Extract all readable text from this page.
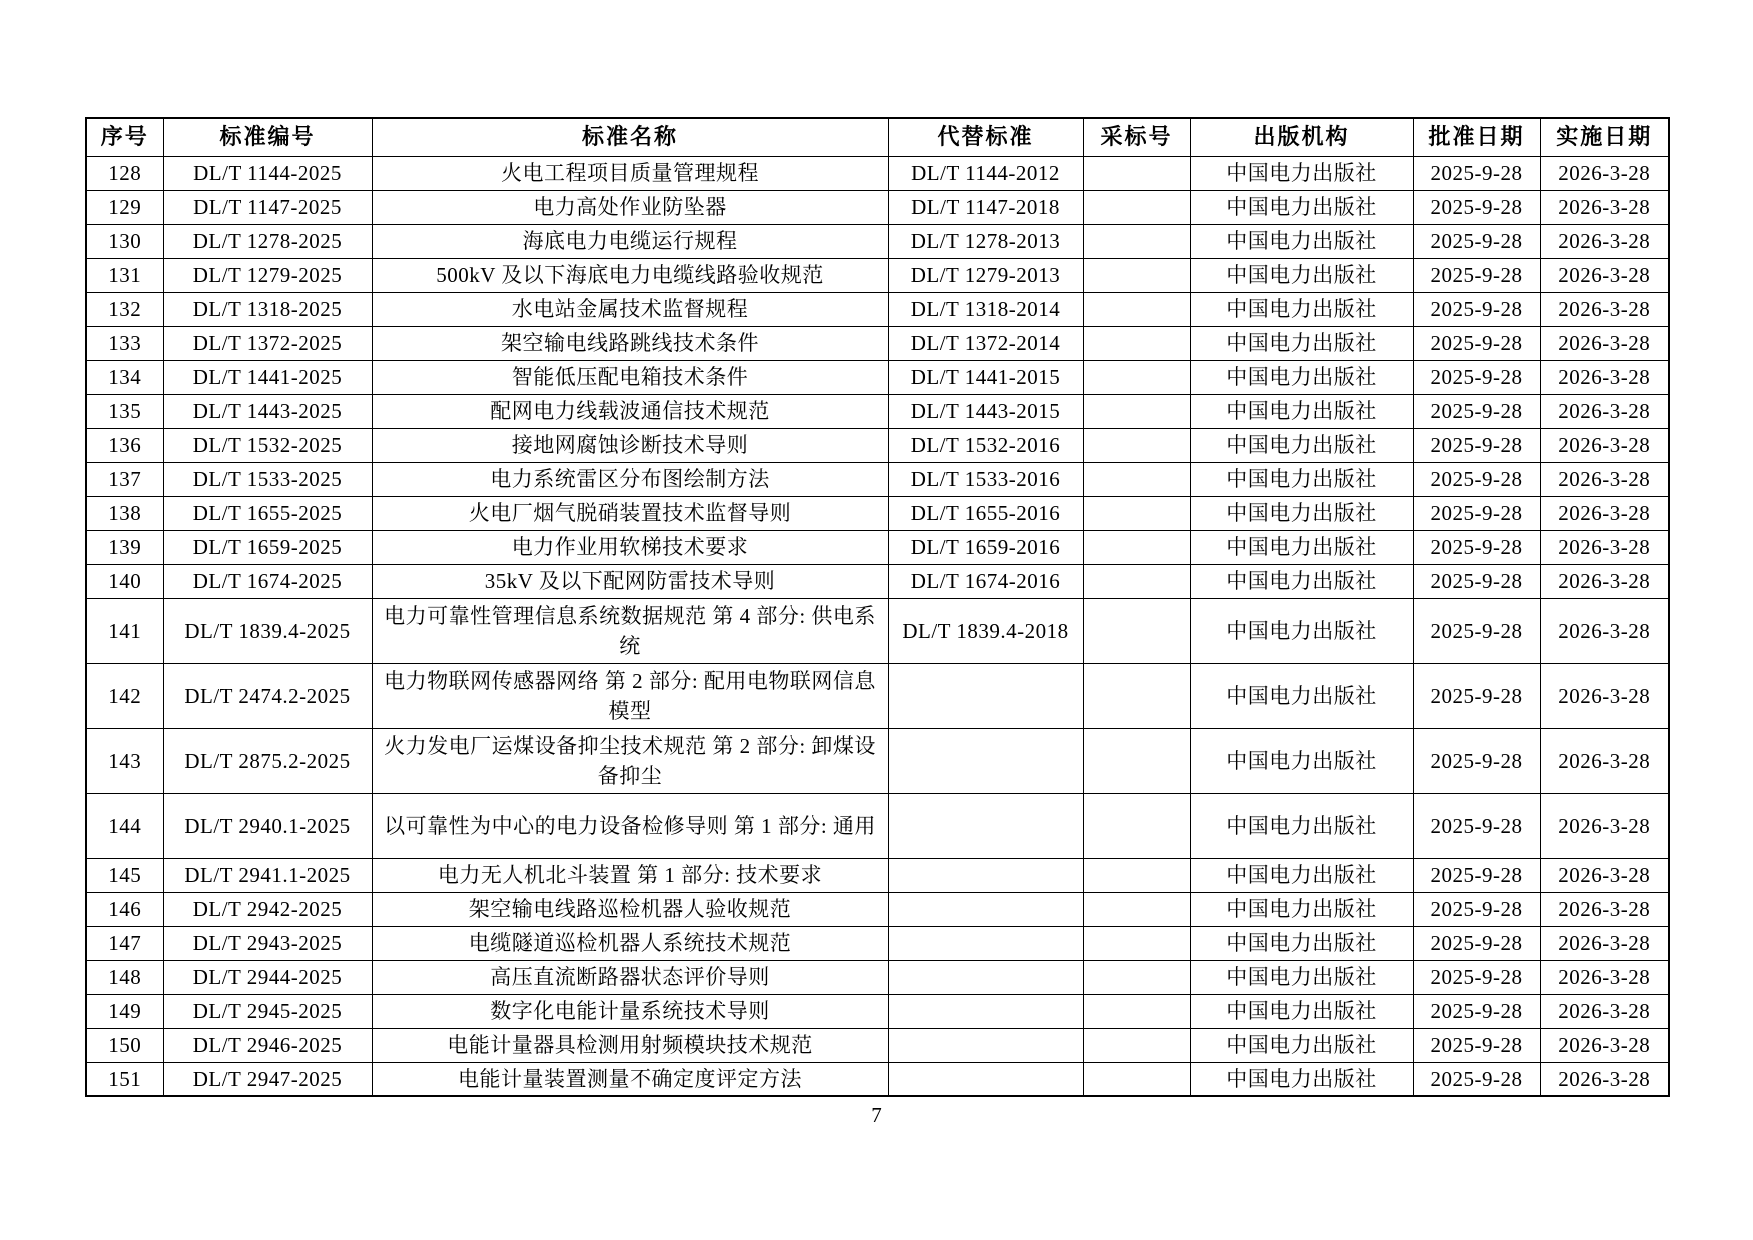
序号	标准编号	标准名称	代替标准	采标号	出版机构	批准日期	实施日期
128	DL/T 1144-2025	火电工程项目质量管理规程	DL/T 1144-2012		中国电力出版社	2025-9-28	2026-3-28
129	DL/T 1147-2025	电力高处作业防坠器	DL/T 1147-2018		中国电力出版社	2025-9-28	2026-3-28
130	DL/T 1278-2025	海底电力电缆运行规程	DL/T 1278-2013		中国电力出版社	2025-9-28	2026-3-28
131	DL/T 1279-2025	500kV 及以下海底电力电缆线路验收规范	DL/T 1279-2013		中国电力出版社	2025-9-28	2026-3-28
132	DL/T 1318-2025	水电站金属技术监督规程	DL/T 1318-2014		中国电力出版社	2025-9-28	2026-3-28
133	DL/T 1372-2025	架空输电线路跳线技术条件	DL/T 1372-2014		中国电力出版社	2025-9-28	2026-3-28
134	DL/T 1441-2025	智能低压配电箱技术条件	DL/T 1441-2015		中国电力出版社	2025-9-28	2026-3-28
135	DL/T 1443-2025	配网电力线载波通信技术规范	DL/T 1443-2015		中国电力出版社	2025-9-28	2026-3-28
136	DL/T 1532-2025	接地网腐蚀诊断技术导则	DL/T 1532-2016		中国电力出版社	2025-9-28	2026-3-28
137	DL/T 1533-2025	电力系统雷区分布图绘制方法	DL/T 1533-2016		中国电力出版社	2025-9-28	2026-3-28
138	DL/T 1655-2025	火电厂烟气脱硝装置技术监督导则	DL/T 1655-2016		中国电力出版社	2025-9-28	2026-3-28
139	DL/T 1659-2025	电力作业用软梯技术要求	DL/T 1659-2016		中国电力出版社	2025-9-28	2026-3-28
140	DL/T 1674-2025	35kV 及以下配网防雷技术导则	DL/T 1674-2016		中国电力出版社	2025-9-28	2026-3-28
141	DL/T 1839.4-2025	电力可靠性管理信息系统数据规范 第 4 部分: 供电系统	DL/T 1839.4-2018		中国电力出版社	2025-9-28	2026-3-28
142	DL/T 2474.2-2025	电力物联网传感器网络 第 2 部分: 配用电物联网信息模型			中国电力出版社	2025-9-28	2026-3-28
143	DL/T 2875.2-2025	火力发电厂运煤设备抑尘技术规范 第 2 部分: 卸煤设备抑尘			中国电力出版社	2025-9-28	2026-3-28
144	DL/T 2940.1-2025	以可靠性为中心的电力设备检修导则 第 1 部分: 通用			中国电力出版社	2025-9-28	2026-3-28
145	DL/T 2941.1-2025	电力无人机北斗装置 第 1 部分: 技术要求			中国电力出版社	2025-9-28	2026-3-28
146	DL/T 2942-2025	架空输电线路巡检机器人验收规范			中国电力出版社	2025-9-28	2026-3-28
147	DL/T 2943-2025	电缆隧道巡检机器人系统技术规范			中国电力出版社	2025-9-28	2026-3-28
148	DL/T 2944-2025	高压直流断路器状态评价导则			中国电力出版社	2025-9-28	2026-3-28
149	DL/T 2945-2025	数字化电能计量系统技术导则			中国电力出版社	2025-9-28	2026-3-28
150	DL/T 2946-2025	电能计量器具检测用射频模块技术规范			中国电力出版社	2025-9-28	2026-3-28
151	DL/T 2947-2025	电能计量装置测量不确定度评定方法			中国电力出版社	2025-9-28	2026-3-28
7
